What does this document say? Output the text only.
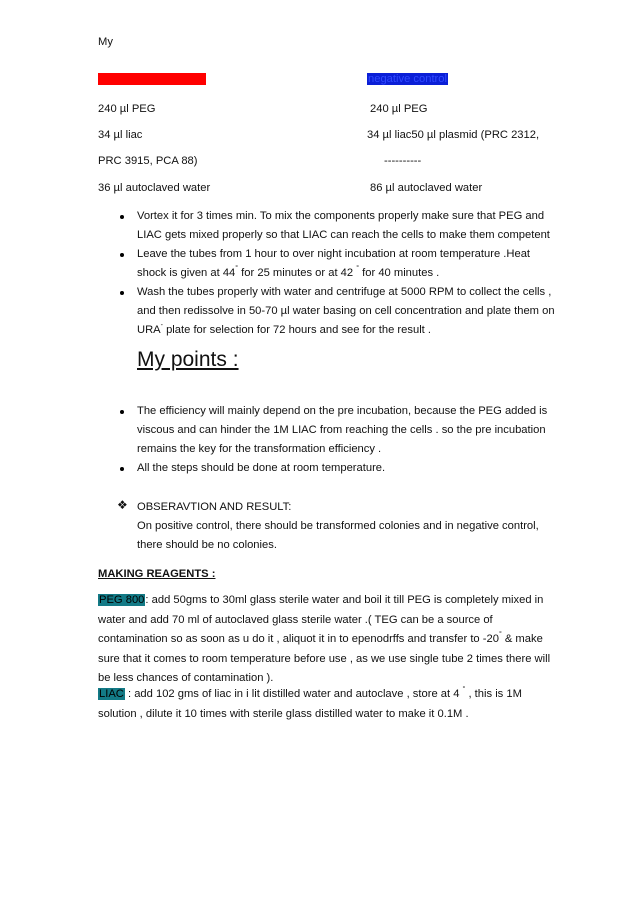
My
POSTIVE CONTROL	negative control
240 µl PEG
34 µl liac
PRC 3915, PCA 88)
36 µl autoclaved water
240 µl PEG
34 µl liac50 µl plasmid (PRC 2312,
----------
86 µl autoclaved water
Vortex it for 3 times min. To mix the components properly make sure that PEG and
LIAC gets mixed properly so that LIAC can reach the cells to make them competent
Leave the tubes from 1 hour to over night incubation at room temperature .Heat
shock is given at 44° for 25 minutes or at 42 ° for 40 minutes .
Wash the tubes properly with water and centrifuge at 5000 RPM to collect the cells ,
and then redissolve in 50-70 µl water basing on cell concentration and plate them on
URA- plate for selection for 72 hours and see for the result .
My points :
The efficiency will mainly depend on the pre incubation, because the PEG added is
viscous and can hinder the 1M LIAC from reaching the cells . so the pre incubation
remains the key for the transformation efficiency .
All the steps should be done at room temperature.
❖ OBSERAVTION AND RESULT:
On positive control, there should be transformed colonies and in negative control,
there should be no colonies.
MAKING REAGENTS :
PEG 800: add 50gms to 30ml glass sterile water and boil it till PEG is completely mixed in
water and add 70 ml of autoclaved glass sterile water .( TEG can be a source of
contamination so as soon as u do it , aliquot it in to epenodrffs and transfer to -20° & make
sure that it comes to room temperature before use , as we use single tube 2 times there will
be less chances of contamination ).
LIAC : add 102 gms of liac in i lit distilled water and autoclave , store at 4 ° , this is 1M
solution , dilute it 10 times with sterile glass distilled water to make it 0.1M .
